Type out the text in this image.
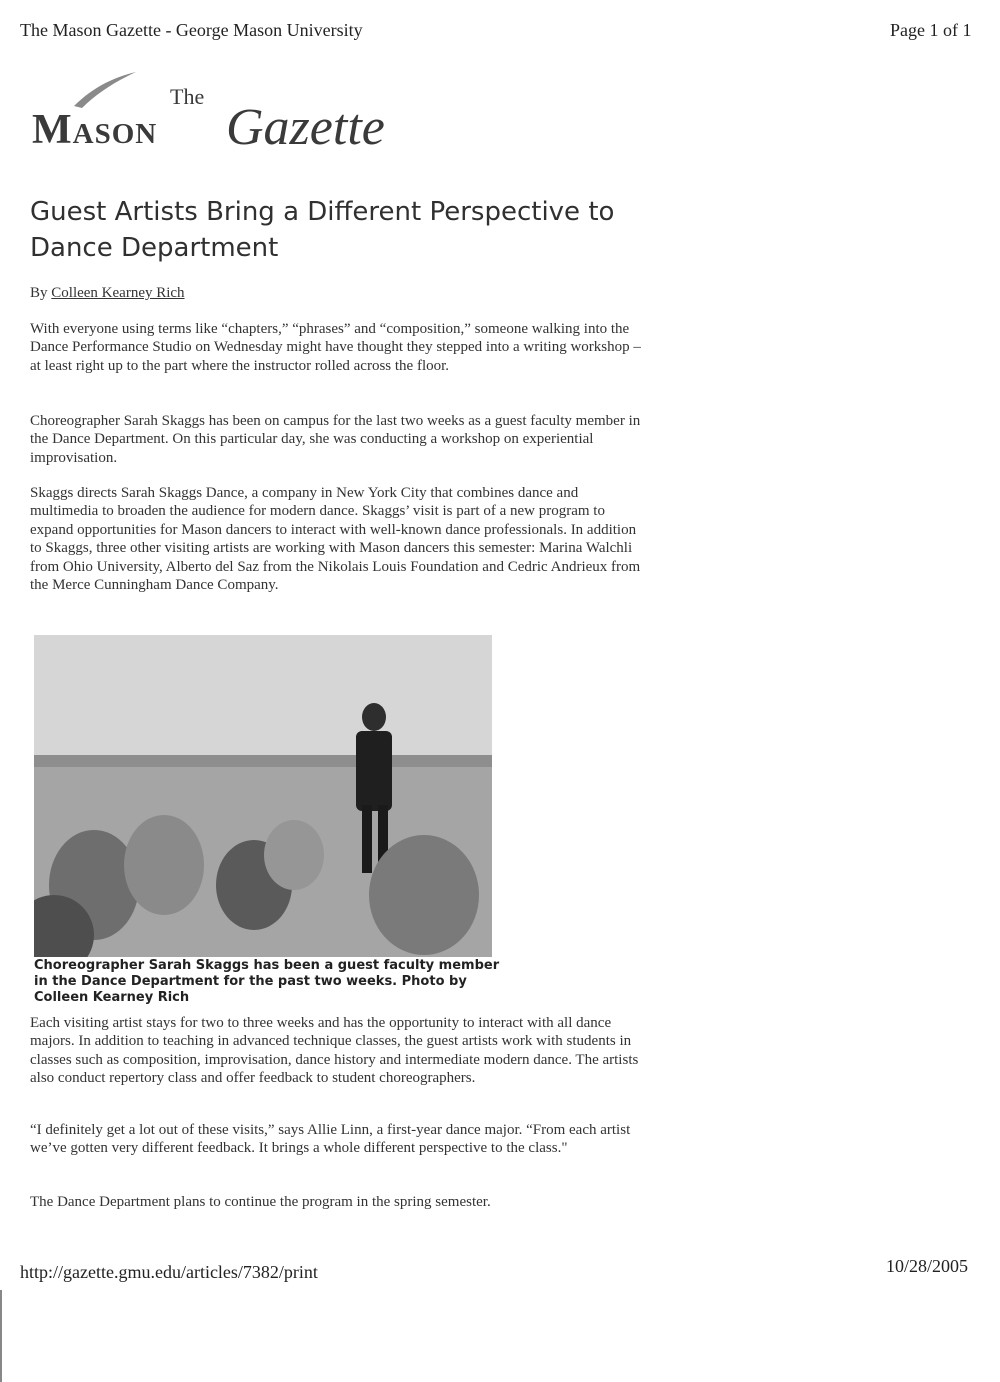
The Mason Gazette - George Mason University	Page 1 of 1
The
Mason Gazette
Guest Artists Bring a Different Perspective to Dance Department
By Colleen Kearney Rich
With everyone using terms like “chapters,” “phrases” and “composition,” someone walking into the Dance Performance Studio on Wednesday might have thought they stepped into a writing workshop – at least right up to the part where the instructor rolled across the floor.
Choreographer Sarah Skaggs has been on campus for the last two weeks as a guest faculty member in the Dance Department. On this particular day, she was conducting a workshop on experiential improvisation.
Skaggs directs Sarah Skaggs Dance, a company in New York City that combines dance and multimedia to broaden the audience for modern dance. Skaggs’ visit is part of a new program to expand opportunities for Mason dancers to interact with well-known dance professionals. In addition to Skaggs, three other visiting artists are working with Mason dancers this semester: Marina Walchli from Ohio University, Alberto del Saz from the Nikolais Louis Foundation and Cedric Andrieux from the Merce Cunningham Dance Company.
Choreographer Sarah Skaggs has been a guest faculty member in the Dance Department for the past two weeks. Photo by Colleen Kearney Rich
Each visiting artist stays for two to three weeks and has the opportunity to interact with all dance majors. In addition to teaching in advanced technique classes, the guest artists work with students in classes such as composition, improvisation, dance history and intermediate modern dance. The artists also conduct repertory class and offer feedback to student choreographers.
“I definitely get a lot out of these visits,” says Allie Linn, a first-year dance major. “From each artist we’ve gotten very different feedback. It brings a whole different perspective to the class."
The Dance Department plans to continue the program in the spring semester.
http://gazette.gmu.edu/articles/7382/print	10/28/2005
